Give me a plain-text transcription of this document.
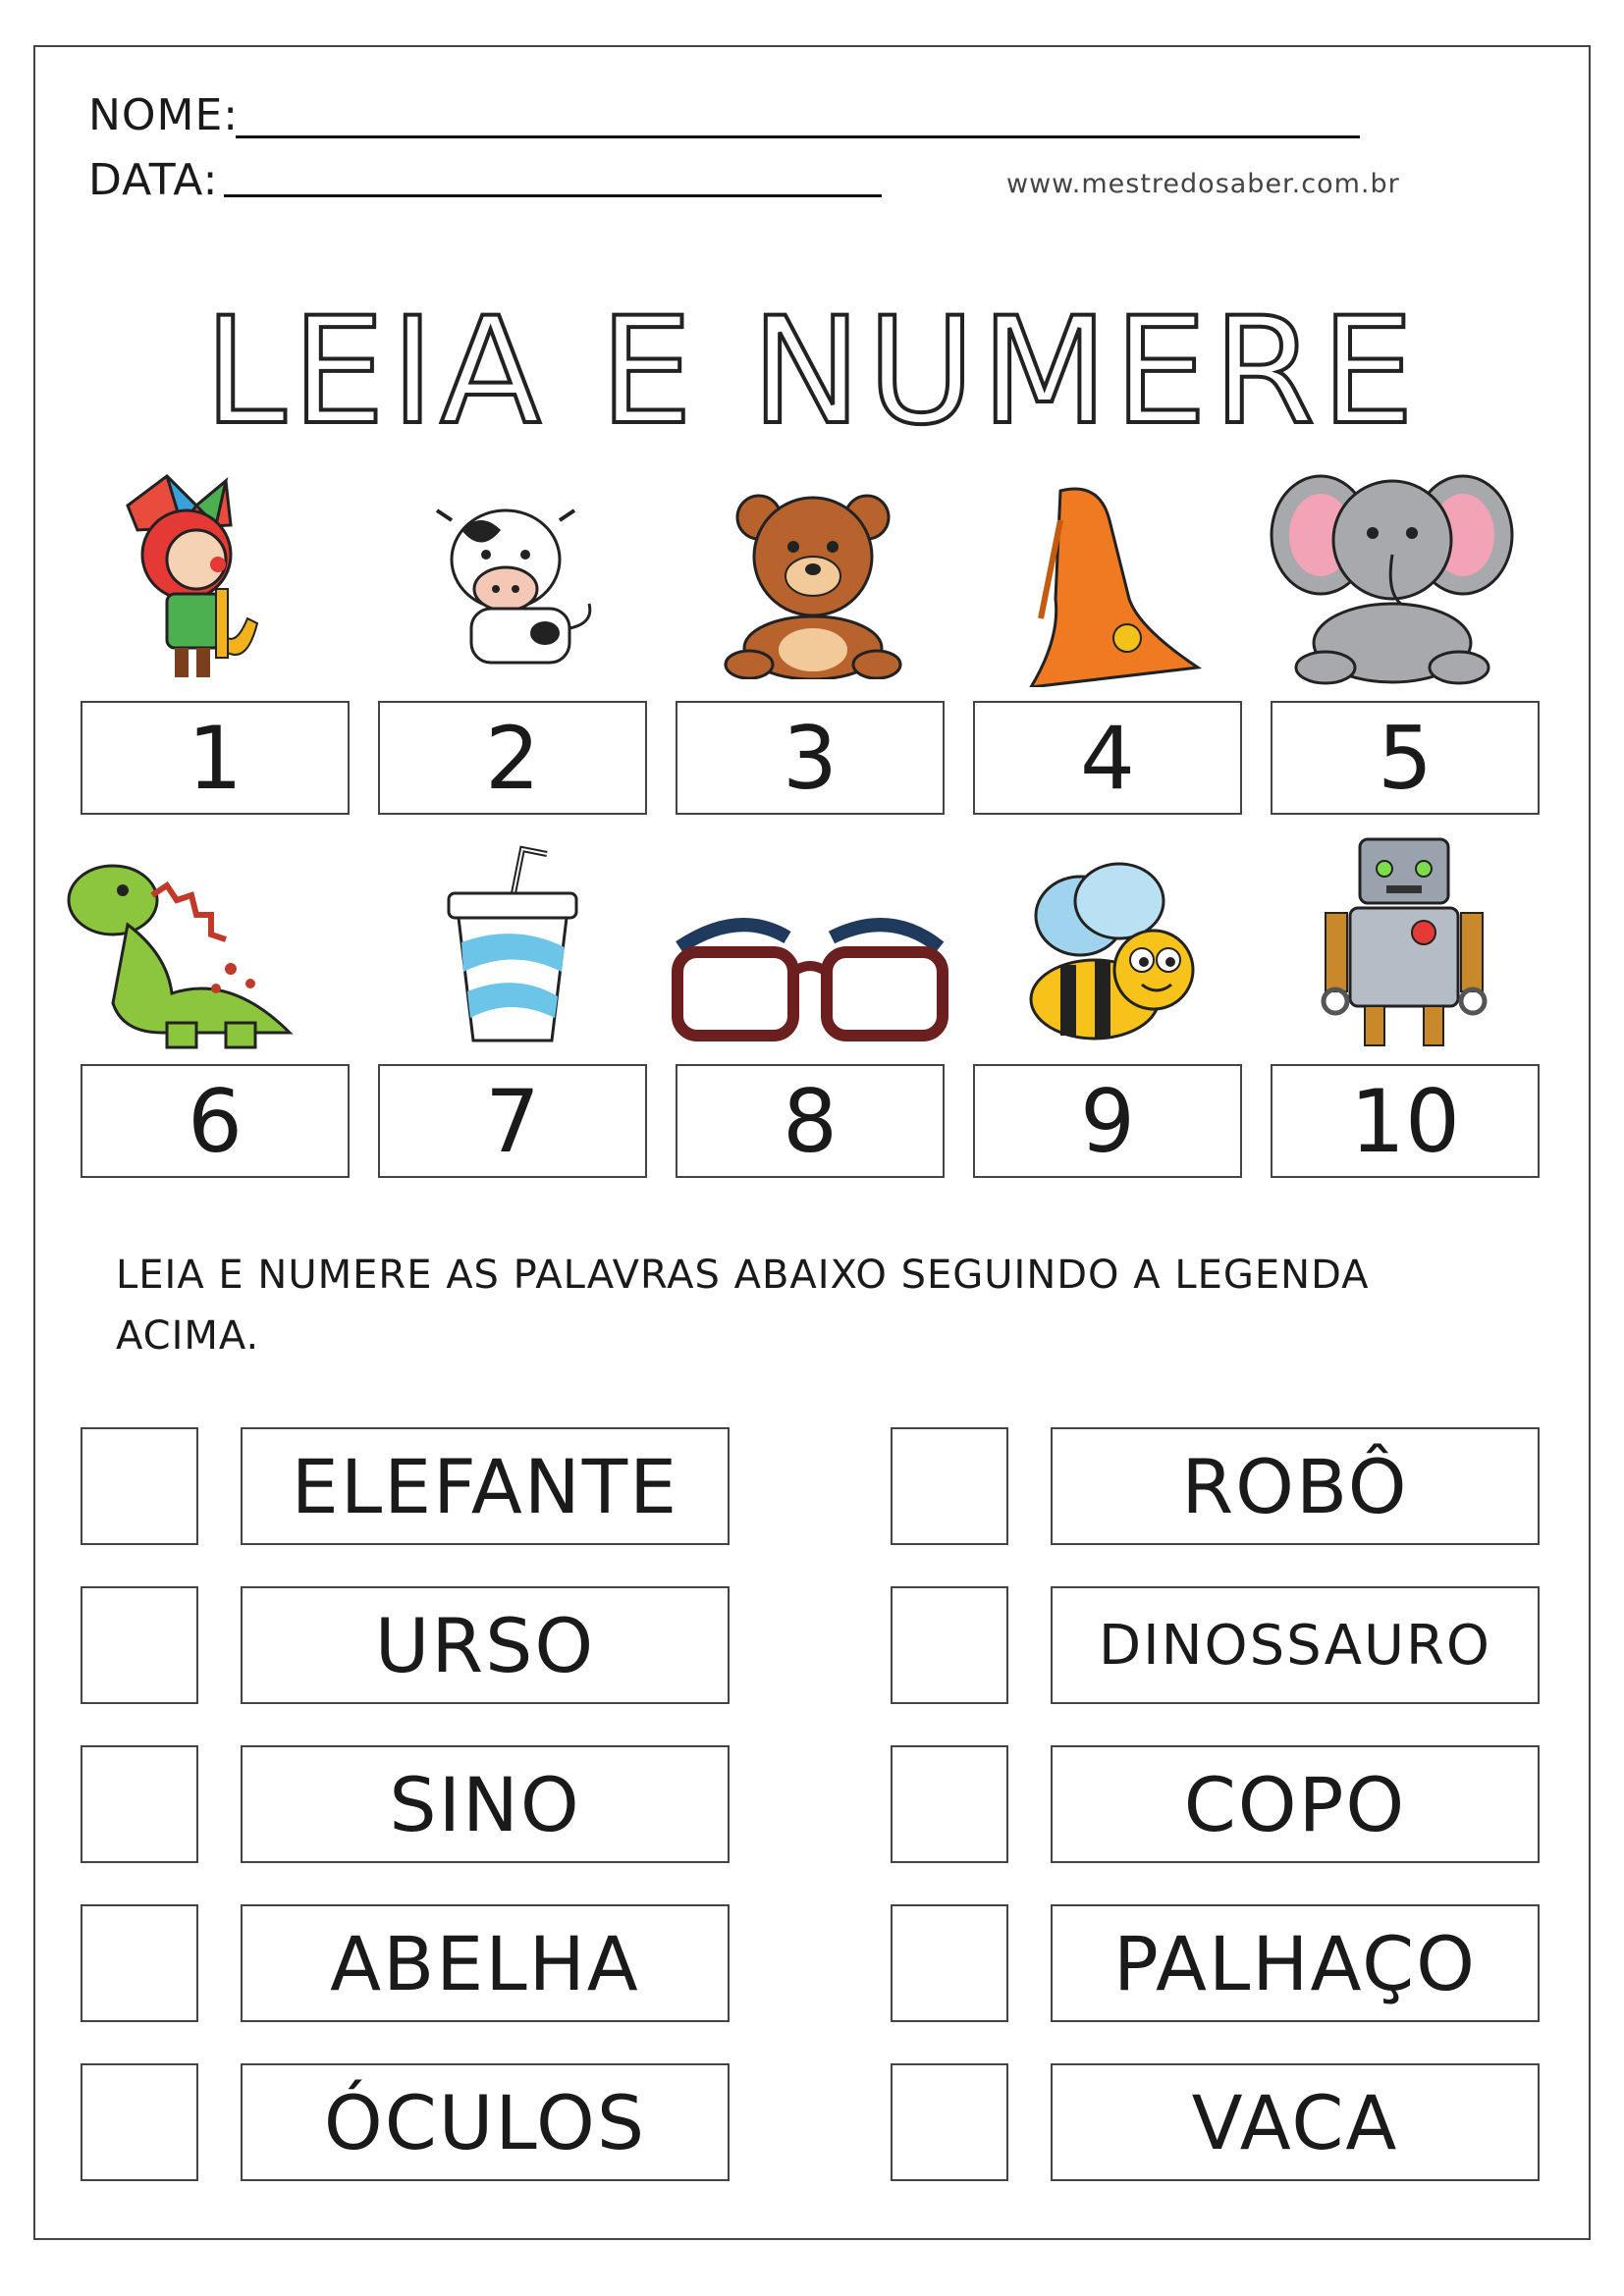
NOME:
DATA:	www.mestredosaber.com.br
LEIA E NUMERE
1	2	3	4	5
6	7	8	9	10
LEIA E NUMERE AS PALAVRAS ABAIXO SEGUINDO A LEGENDA ACIMA.
ELEFANTE
URSO
SINO
ABELHA
ÓCULOS
ROBÔ
DINOSSAURO
COPO
PALHAÇO
VACA
